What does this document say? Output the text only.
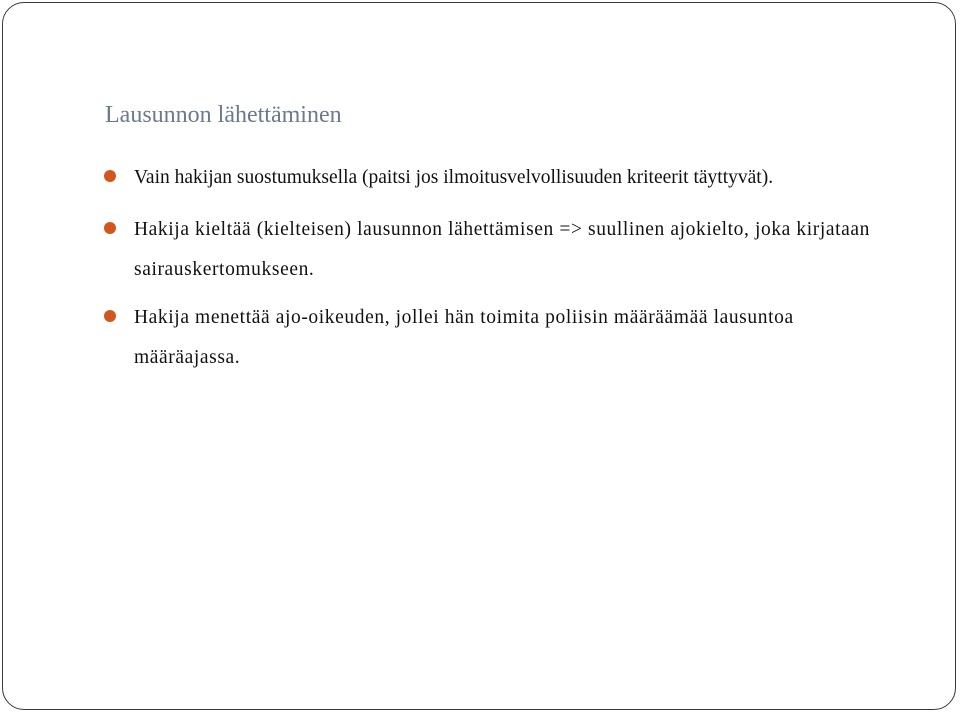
Lausunnon lähettäminen
Vain hakijan suostumuksella (paitsi jos ilmoitusvelvollisuuden kriteerit täyttyvät).
Hakija kieltää (kielteisen) lausunnon lähettämisen => suullinen ajokielto, joka kirjataan sairauskertomukseen.
Hakija menettää ajo-oikeuden, jollei hän toimita poliisin määräämää lausuntoa määräajassa.
